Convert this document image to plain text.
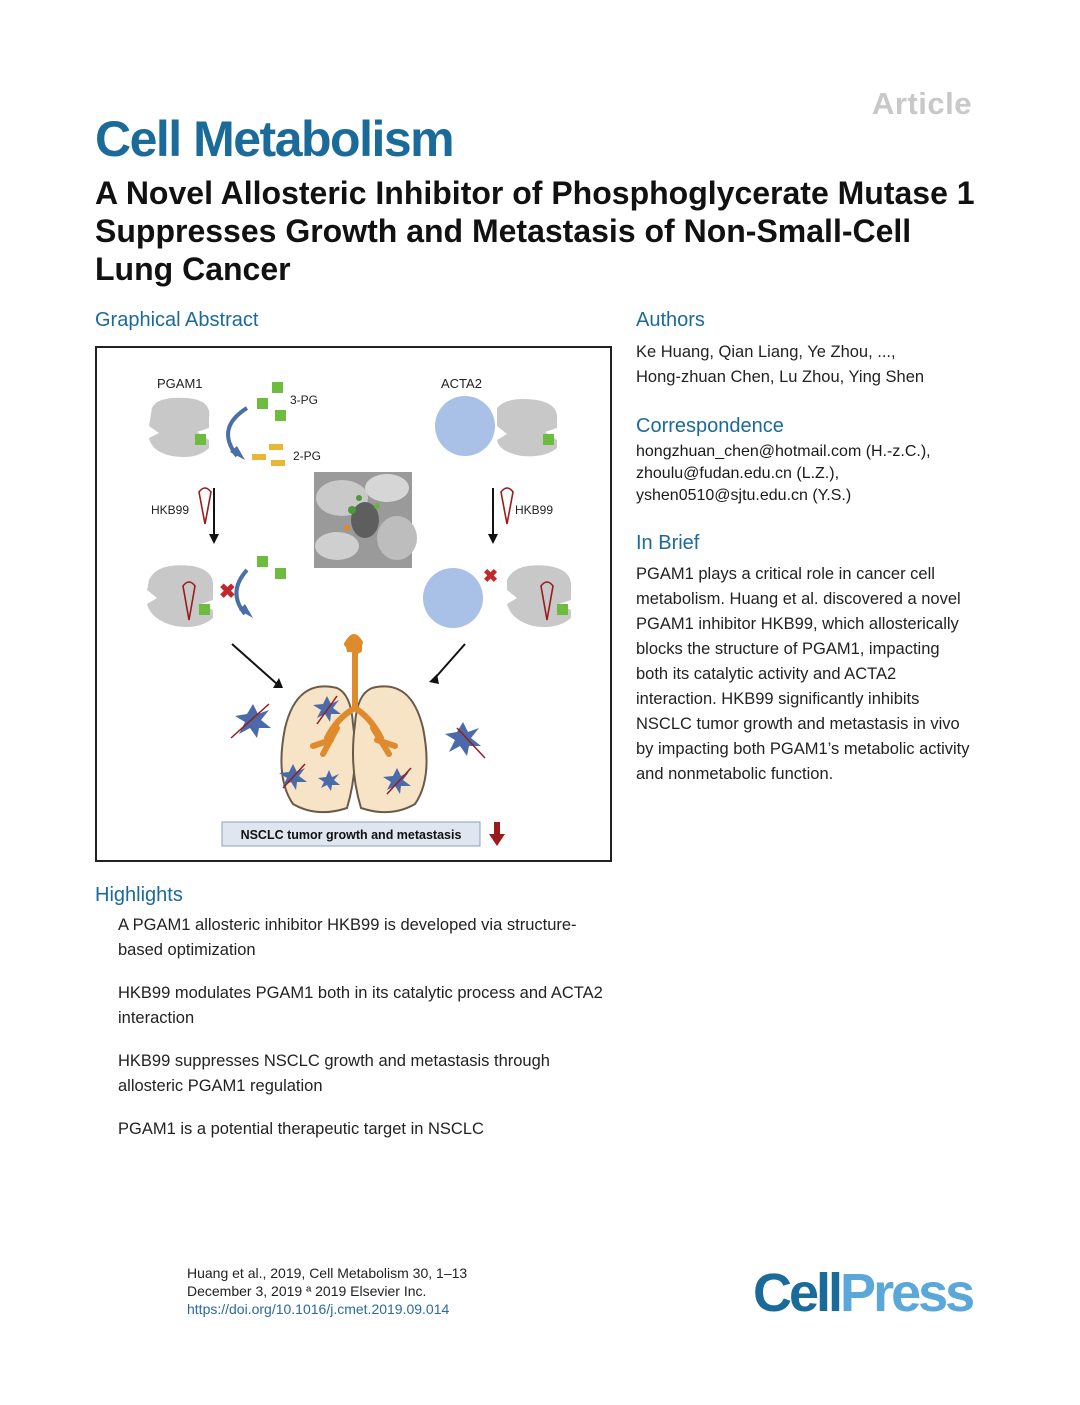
Article
Cell Metabolism
A Novel Allosteric Inhibitor of Phosphoglycerate Mutase 1 Suppresses Growth and Metastasis of Non-Small-Cell Lung Cancer
Graphical Abstract	Authors
Correspondence
In Brief
Highlights
Ke Huang, Qian Liang, Ye Zhou, ...,
Hong-zhuan Chen, Lu Zhou, Ying Shen
hongzhuan_chen@hotmail.com (H.-z.C.),
zhoulu@fudan.edu.cn (L.Z.),
yshen0510@sjtu.edu.cn (Y.S.)
PGAM1 plays a critical role in cancer cell metabolism. Huang et al. discovered a novel PGAM1 inhibitor HKB99, which allosterically blocks the structure of PGAM1, impacting both its catalytic activity and ACTA2 interaction. HKB99 significantly inhibits NSCLC tumor growth and metastasis in vivo by impacting both PGAM1’s metabolic activity and nonmetabolic function.
PGAM1	ACTA2
3-PG
2-PG
HKB99	HKB99
✖
✖
NSCLC tumor growth and metastasis
A PGAM1 allosteric inhibitor HKB99 is developed via structure-based optimization
HKB99 modulates PGAM1 both in its catalytic process and ACTA2 interaction
HKB99 suppresses NSCLC growth and metastasis through allosteric PGAM1 regulation
PGAM1 is a potential therapeutic target in NSCLC
Huang et al., 2019, Cell Metabolism 30, 1–13
December 3, 2019 ª 2019 Elsevier Inc.
https://doi.org/10.1016/j.cmet.2019.09.014	CellPress
